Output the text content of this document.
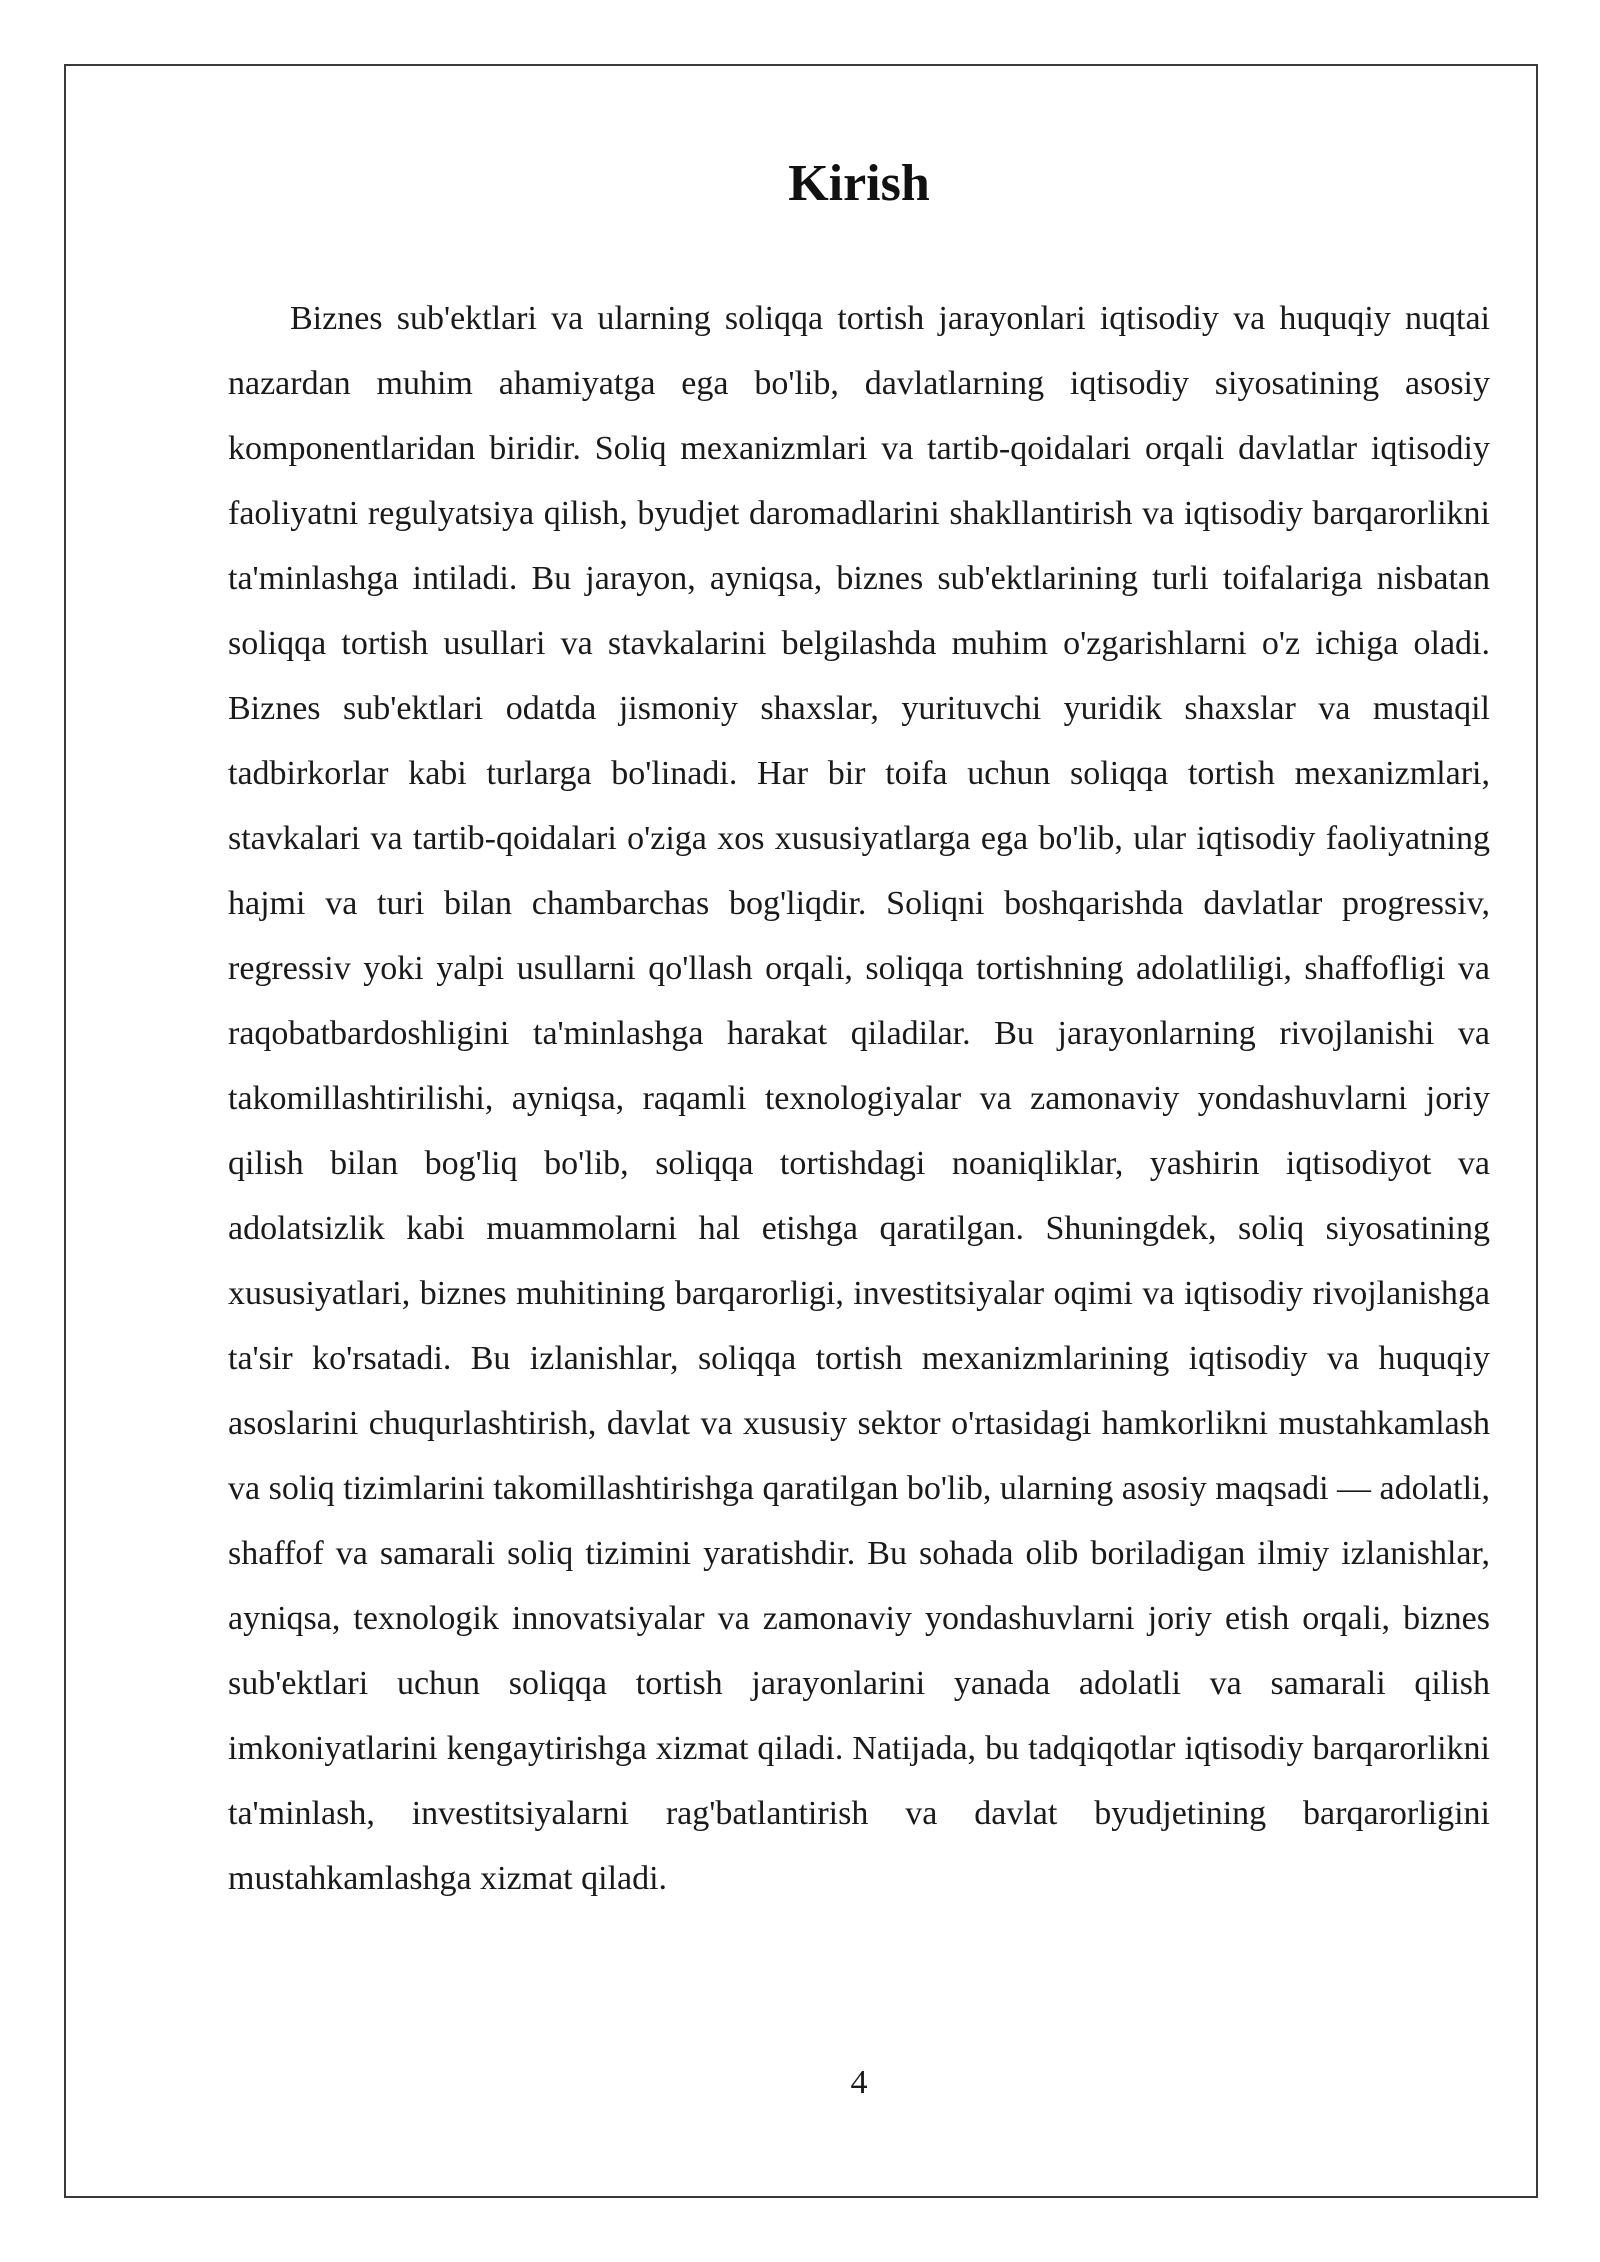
Kirish

Biznes sub'ektlari va ularning soliqqa tortish jarayonlari iqtisodiy va huquqiy nuqtai nazardan muhim ahamiyatga ega bo'lib, davlatlarning iqtisodiy siyosatining asosiy komponentlaridan biridir. Soliq mexanizmlari va tartib-qoidalari orqali davlatlar iqtisodiy faoliyatni regulyatsiya qilish, byudjet daromadlarini shakllantirish va iqtisodiy barqarorlikni ta'minlashga intiladi. Bu jarayon, ayniqsa, biznes sub'ektlarining turli toifalariga nisbatan soliqqa tortish usullari va stavkalarini belgilashda muhim o'zgarishlarni o'z ichiga oladi. Biznes sub'ektlari odatda jismoniy shaxslar, yurituvchi yuridik shaxslar va mustaqil tadbirkorlar kabi turlarga bo'linadi. Har bir toifa uchun soliqqa tortish mexanizmlari, stavkalari va tartib-qoidalari o'ziga xos xususiyatlarga ega bo'lib, ular iqtisodiy faoliyatning hajmi va turi bilan chambarchas bog'liqdir. Soliqni boshqarishda davlatlar progressiv, regressiv yoki yalpi usullarni qo'llash orqali, soliqqa tortishning adolatliligi, shaffofligi va raqobatbardoshligini ta'minlashga harakat qiladilar. Bu jarayonlarning rivojlanishi va takomillashtirilishi, ayniqsa, raqamli texnologiyalar va zamonaviy yondashuvlarni joriy qilish bilan bog'liq bo'lib, soliqqa tortishdagi noaniqliklar, yashirin iqtisodiyot va adolatsizlik kabi muammolarni hal etishga qaratilgan. Shuningdek, soliq siyosatining xususiyatlari, biznes muhitining barqarorligi, investitsiyalar oqimi va iqtisodiy rivojlanishga ta'sir ko'rsatadi. Bu izlanishlar, soliqqa tortish mexanizmlarining iqtisodiy va huquqiy asoslarini chuqurlashtirish, davlat va xususiy sektor o'rtasidagi hamkorlikni mustahkamlash va soliq tizimlarini takomillashtirishga qaratilgan bo'lib, ularning asosiy maqsadi — adolatli, shaffof va samarali soliq tizimini yaratishdir. Bu sohada olib boriladigan ilmiy izlanishlar, ayniqsa, texnologik innovatsiyalar va zamonaviy yondashuvlarni joriy etish orqali, biznes sub'ektlari uchun soliqqa tortish jarayonlarini yanada adolatli va samarali qilish imkoniyatlarini kengaytirishga xizmat qiladi. Natijada, bu tadqiqotlar iqtisodiy barqarorlikni ta'minlash, investitsiyalarni rag'batlantirish va davlat byudjetining barqarorligini mustahkamlashga xizmat qiladi.

4
